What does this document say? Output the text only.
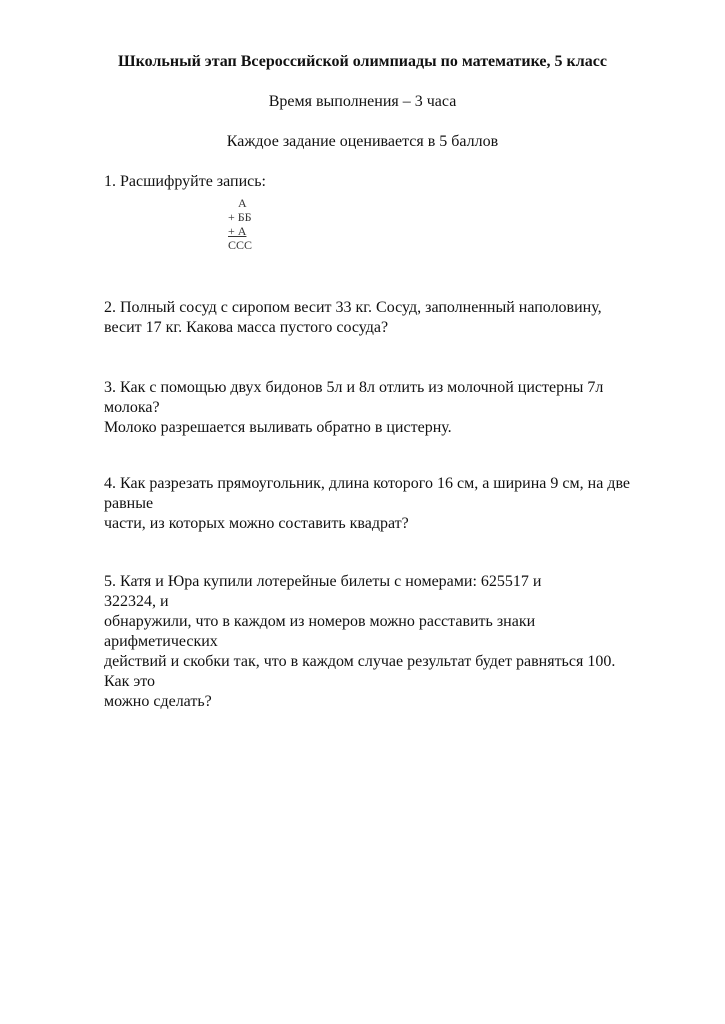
Школьный этап Всероссийской олимпиады по математике, 5 класс
Время выполнения – 3 часа
Каждое задание оценивается в 5 баллов
1. Расшифруйте запись:
А
+ ББ
+ А
ССС
2. Полный сосуд с сиропом весит 33 кг. Сосуд, заполненный наполовину,
весит 17 кг. Какова масса пустого сосуда?
3. Как с помощью двух бидонов 5л и 8л отлить из молочной цистерны 7л
молока?
Молоко разрешается выливать обратно в цистерну.
4. Как разрезать прямоугольник, длина которого 16 см, а ширина 9 см, на две
равные
части, из которых можно составить квадрат?
5. Катя и Юра купили лотерейные билеты с номерами: 625517 и
322324, и
обнаружили, что в каждом из номеров можно расставить знаки
арифметических
действий и скобки так, что в каждом случае результат будет равняться 100.
Как это
можно сделать?
